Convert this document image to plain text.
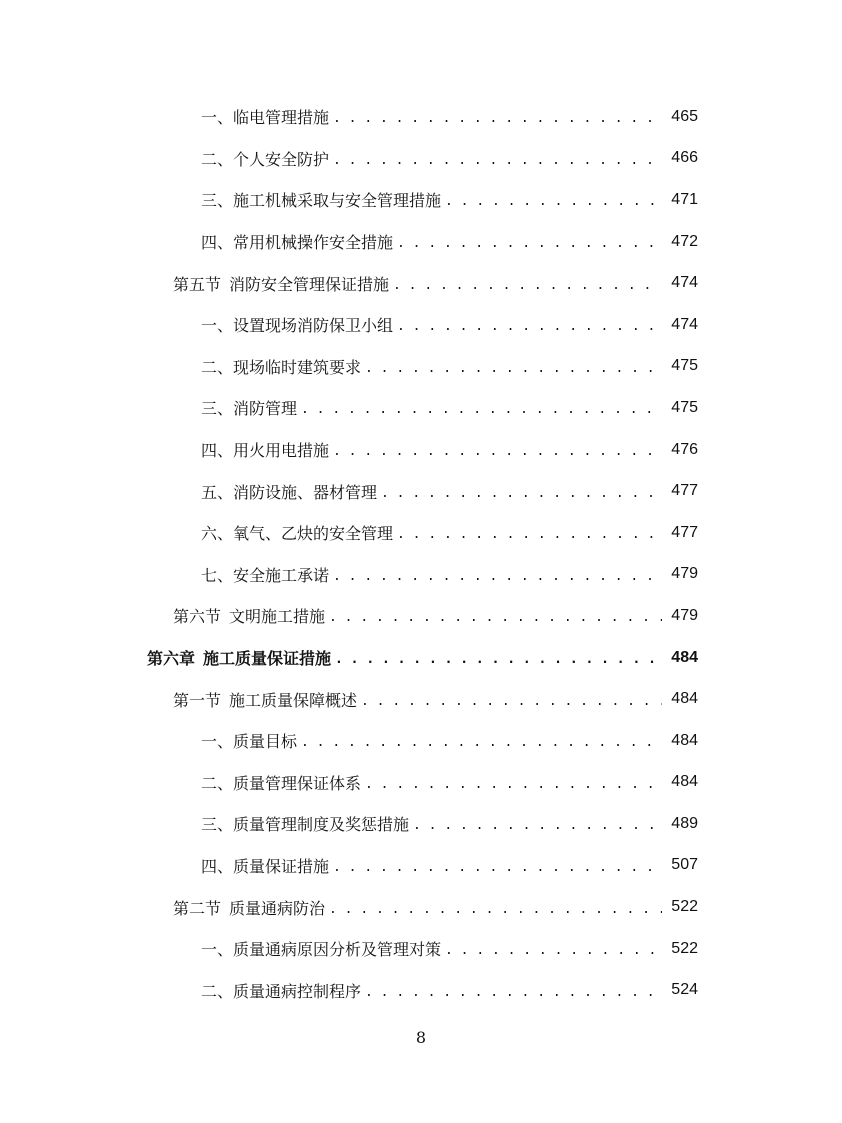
一、临电管理措施 . . .	465
二、个人安全防护 . . .	466
三、施工机械采取与安全管理措施 . . .	471
四、常用机械操作安全措施 . . .	472
第五节 消防安全管理保证措施 . . .	474
一、设置现场消防保卫小组 . . .	474
二、现场临时建筑要求 . . .	475
三、消防管理 . . .	475
四、用火用电措施 . . .	476
五、消防设施、器材管理 . . .	477
六、氧气、乙炔的安全管理 . . .	477
七、安全施工承诺 . . .	479
第六节 文明施工措施 . . .	479
第六章 施工质量保证措施 . . .	484
第一节 施工质量保障概述 . . .	484
一、质量目标 . . .	484
二、质量管理保证体系 . . .	484
三、质量管理制度及奖惩措施 . . .	489
四、质量保证措施 . . .	507
第二节 质量通病防治 . . .	522
一、质量通病原因分析及管理对策 . . .	522
二、质量通病控制程序 . . .	524
8
